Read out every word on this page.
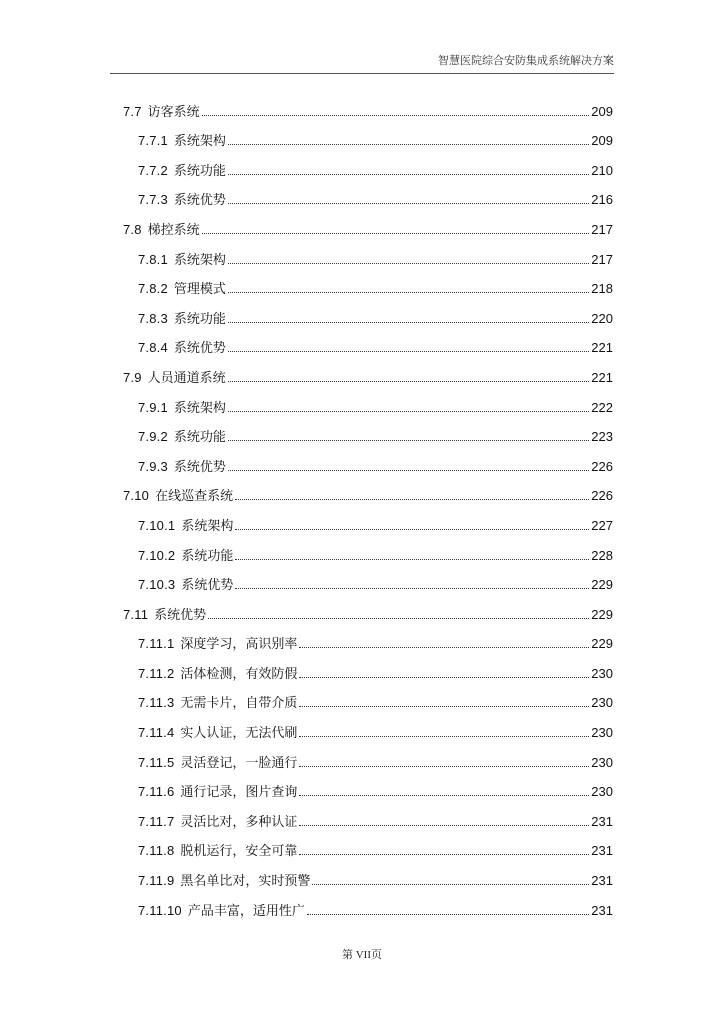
智慧医院综合安防集成系统解决方案
7.7 访客系统	209
7.7.1 系统架构	209
7.7.2 系统功能	210
7.7.3 系统优势	216
7.8 梯控系统	217
7.8.1 系统架构	217
7.8.2 管理模式	218
7.8.3 系统功能	220
7.8.4 系统优势	221
7.9 人员通道系统	221
7.9.1 系统架构	222
7.9.2 系统功能	223
7.9.3 系统优势	226
7.10 在线巡查系统	226
7.10.1 系统架构	227
7.10.2 系统功能	228
7.10.3 系统优势	229
7.11 系统优势	229
7.11.1 深度学习，高识别率	229
7.11.2 活体检测，有效防假	230
7.11.3 无需卡片，自带介质	230
7.11.4 实人认证，无法代刷	230
7.11.5 灵活登记，一脸通行	230
7.11.6 通行记录，图片查询	230
7.11.7 灵活比对，多种认证	231
7.11.8 脱机运行，安全可靠	231
7.11.9 黑名单比对，实时预警	231
7.11.10 产品丰富，适用性广	231
第 VII页
